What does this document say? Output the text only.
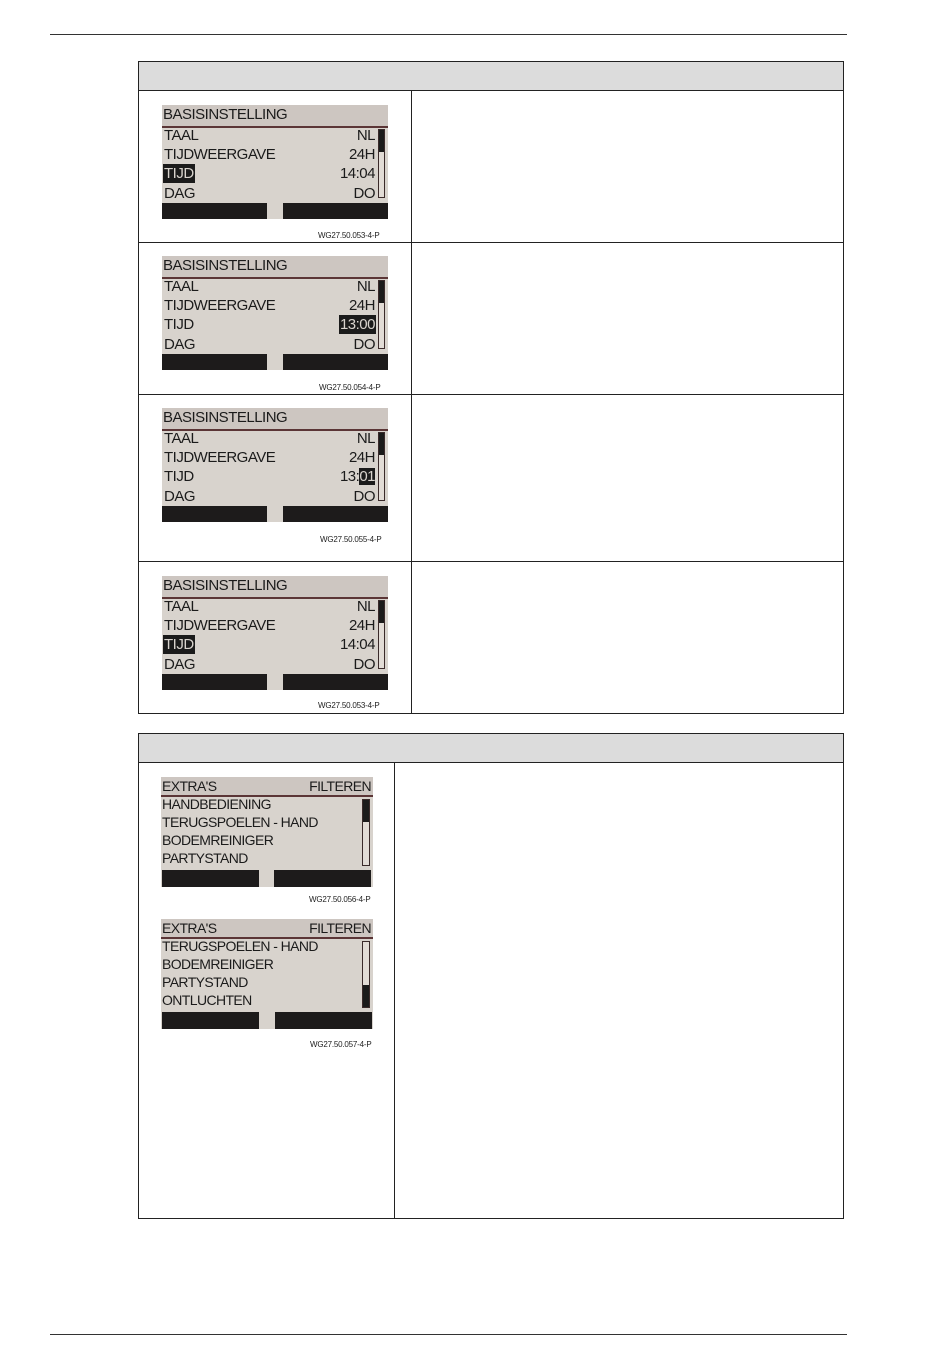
BASISINSTELLING
TAAL	NL
TIJDWEERGAVE	24H
TIJD	14:04
DAG	DO
WG27.50.053-4-P
BASISINSTELLING
TAAL	NL
TIJDWEERGAVE	24H
TIJD	13:00
DAG	DO
WG27.50.054-4-P
BASISINSTELLING
TAAL	NL
TIJDWEERGAVE	24H
TIJD	13:01
DAG	DO
WG27.50.055-4-P
BASISINSTELLING
TAAL	NL
TIJDWEERGAVE	24H
TIJD	14:04
DAG	DO
WG27.50.053-4-P
EXTRA'S	FILTEREN
HANDBEDIENING
TERUGSPOELEN - HAND
BODEMREINIGER
PARTYSTAND
WG27.50.056-4-P
EXTRA'S	FILTEREN
TERUGSPOELEN - HAND
BODEMREINIGER
PARTYSTAND
ONTLUCHTEN
WG27.50.057-4-P
